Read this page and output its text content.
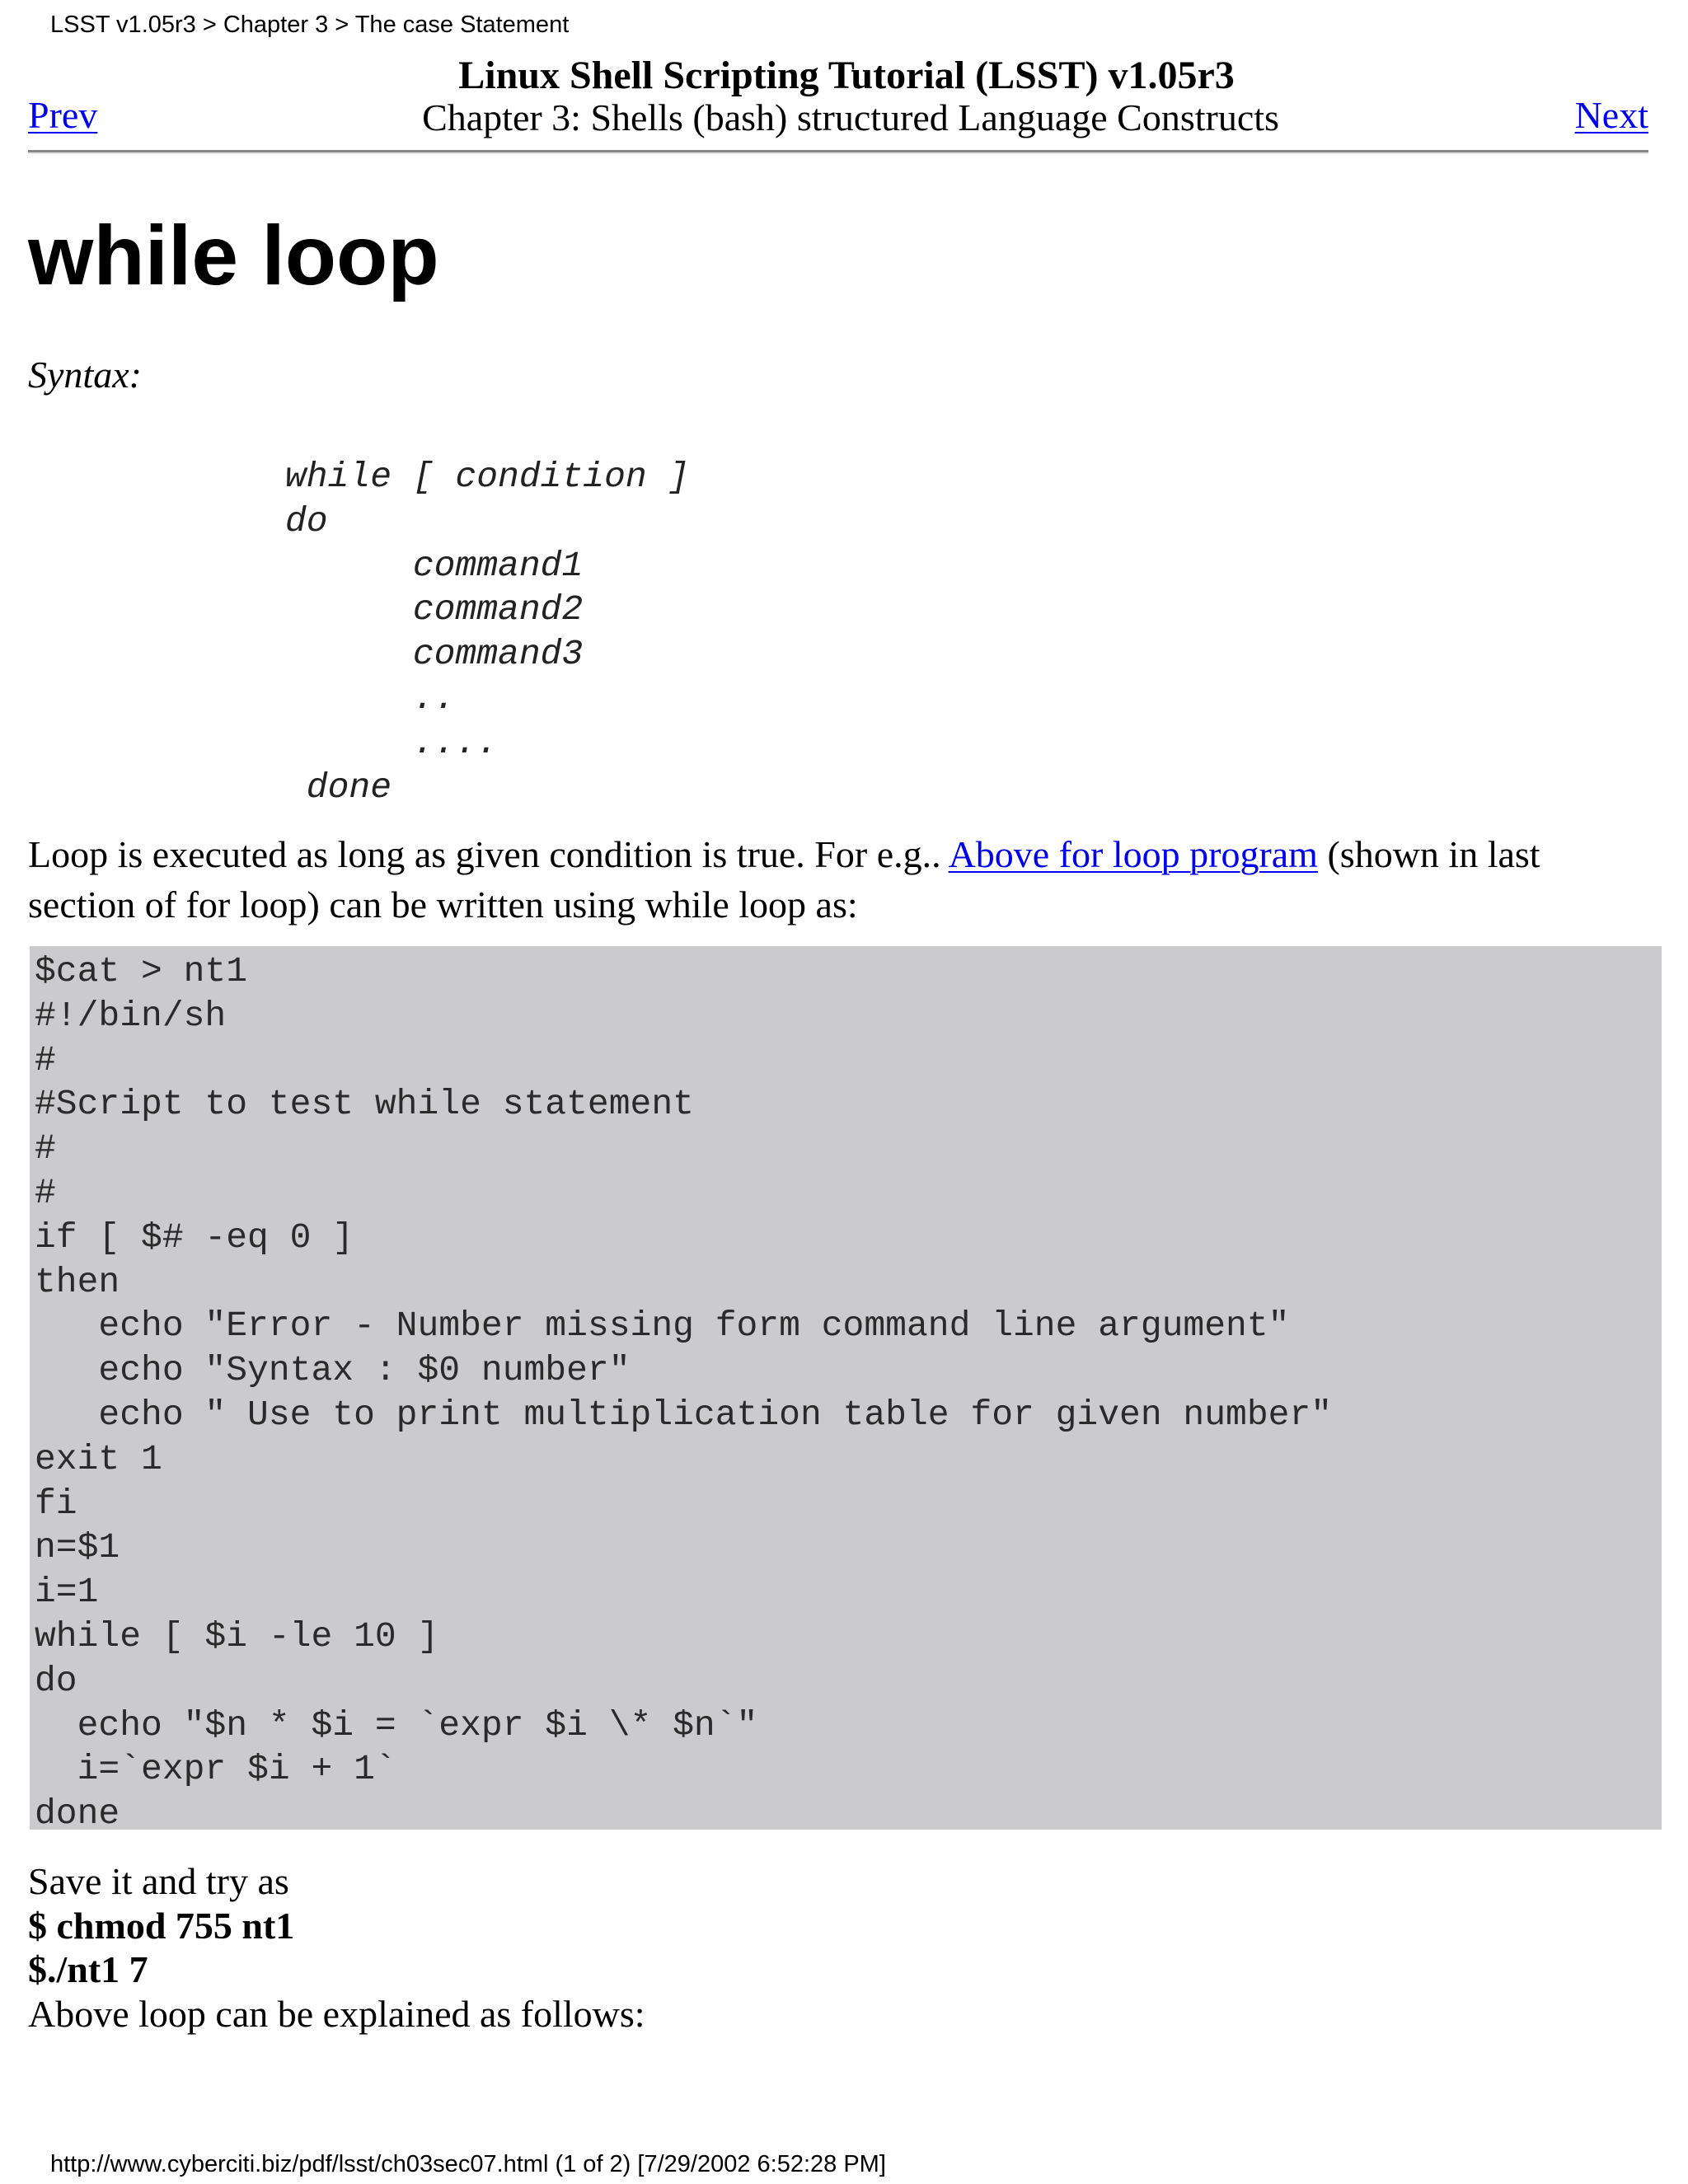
LSST v1.05r3 > Chapter 3 > The case Statement
Prev
Linux Shell Scripting Tutorial (LSST) v1.05r3
Chapter 3: Shells (bash) structured Language Constructs	Next
while loop
Syntax:
while [ condition ]
do
command1
command2
command3
..
....
done
Loop is executed as long as given condition is true. For e.g.. Above for loop program (shown in last section of for loop) can be written using while loop as:
$cat > nt1
#!/bin/sh
#
#Script to test while statement
#
#
if [ $# -eq 0 ]
then
echo "Error - Number missing form command line argument"
echo "Syntax : $0 number"
echo " Use to print multiplication table for given number"
exit 1
fi
n=$1
i=1
while [ $i -le 10 ]
do
echo "$n * $i = `expr $i \* $n`"
i=`expr $i + 1`
done
Save it and try as
$ chmod 755 nt1
$./nt1 7
Above loop can be explained as follows:
http://www.cyberciti.biz/pdf/lsst/ch03sec07.html (1 of 2) [7/29/2002 6:52:28 PM]
